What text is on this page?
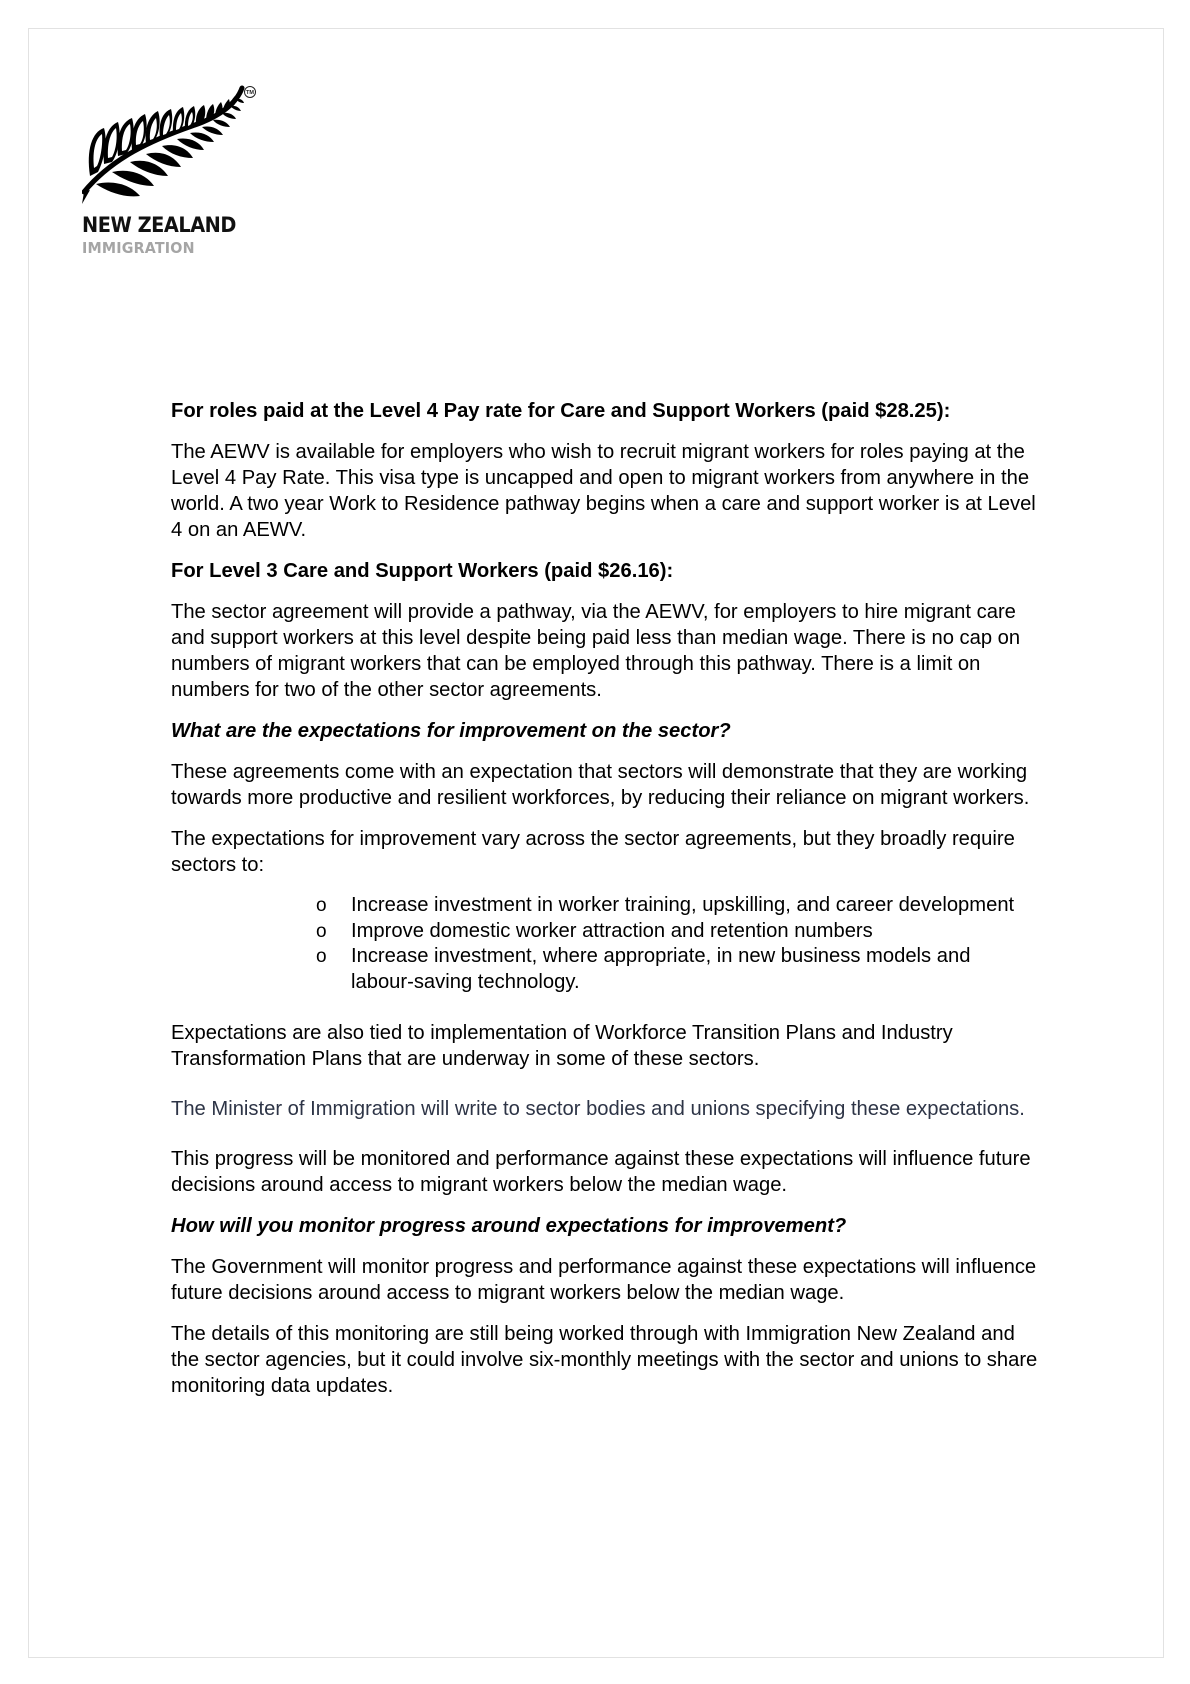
TM
NEW ZEALAND
IMMIGRATION

For roles paid at the Level 4 Pay rate for Care and Support Workers (paid $28.25):

The AEWV is available for employers who wish to recruit migrant workers for roles paying at the Level 4 Pay Rate. This visa type is uncapped and open to migrant workers from anywhere in the world. A two year Work to Residence pathway begins when a care and support worker is at Level 4 on an AEWV.

For Level 3 Care and Support Workers (paid $26.16):

The sector agreement will provide a pathway, via the AEWV, for employers to hire migrant care and support workers at this level despite being paid less than median wage. There is no cap on numbers of migrant workers that can be employed through this pathway. There is a limit on numbers for two of the other sector agreements.

What are the expectations for improvement on the sector?

These agreements come with an expectation that sectors will demonstrate that they are working towards more productive and resilient workforces, by reducing their reliance on migrant workers.

The expectations for improvement vary across the sector agreements, but they broadly require sectors to:

o Increase investment in worker training, upskilling, and career development
o Improve domestic worker attraction and retention numbers
o Increase investment, where appropriate, in new business models and labour-saving technology.

Expectations are also tied to implementation of Workforce Transition Plans and Industry Transformation Plans that are underway in some of these sectors.

The Minister of Immigration will write to sector bodies and unions specifying these expectations.

This progress will be monitored and performance against these expectations will influence future decisions around access to migrant workers below the median wage.

How will you monitor progress around expectations for improvement?

The Government will monitor progress and performance against these expectations will influence future decisions around access to migrant workers below the median wage.

The details of this monitoring are still being worked through with Immigration New Zealand and the sector agencies, but it could involve six-monthly meetings with the sector and unions to share monitoring data updates.
